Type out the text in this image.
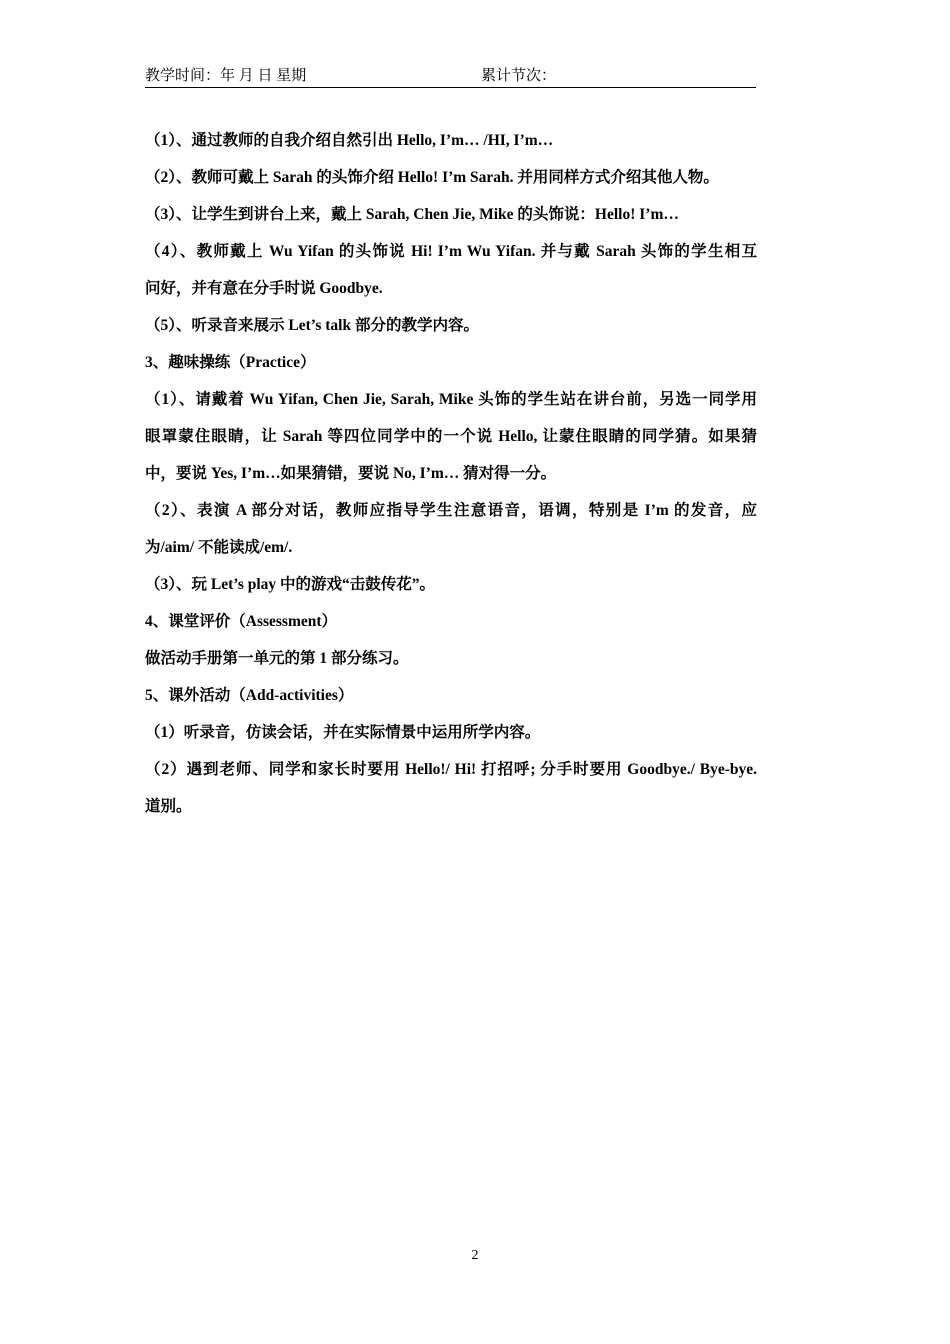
教学时间：年 月 日 星期	累计节次：
（1）、通过教师的自我介绍自然引出 Hello, I’m… /HI, I’m…
（2）、教师可戴上 Sarah 的头饰介绍 Hello! I’m Sarah. 并用同样方式介绍其他人物。
（3）、让学生到讲台上来，戴上 Sarah, Chen Jie, Mike 的头饰说：Hello! I’m…
（4）、教师戴上 Wu Yifan 的头饰说 Hi! I’m Wu Yifan. 并与戴 Sarah 头饰的学生相互
问好，并有意在分手时说 Goodbye.
（5）、听录音来展示 Let’s talk 部分的教学内容。
3、趣味操练（Practice）
（1）、请戴着 Wu Yifan, Chen Jie, Sarah, Mike 头饰的学生站在讲台前，另选一同学用
眼罩蒙住眼睛，让 Sarah 等四位同学中的一个说 Hello, 让蒙住眼睛的同学猜。如果猜
中，要说 Yes, I’m…如果猜错，要说 No, I’m… 猜对得一分。
（2）、表演 A 部分对话，教师应指导学生注意语音，语调，特别是 I’m 的发音，应
为/aim/ 不能读成/em/.
（3）、玩 Let’s play 中的游戏“击鼓传花”。
4、课堂评价（Assessment）
做活动手册第一单元的第 1 部分练习。
5、课外活动（Add-activities）
（1）听录音，仿读会话，并在实际情景中运用所学内容。
（2）遇到老师、同学和家长时要用 Hello!/ Hi! 打招呼; 分手时要用 Goodbye./ Bye-bye.
道别。
2
